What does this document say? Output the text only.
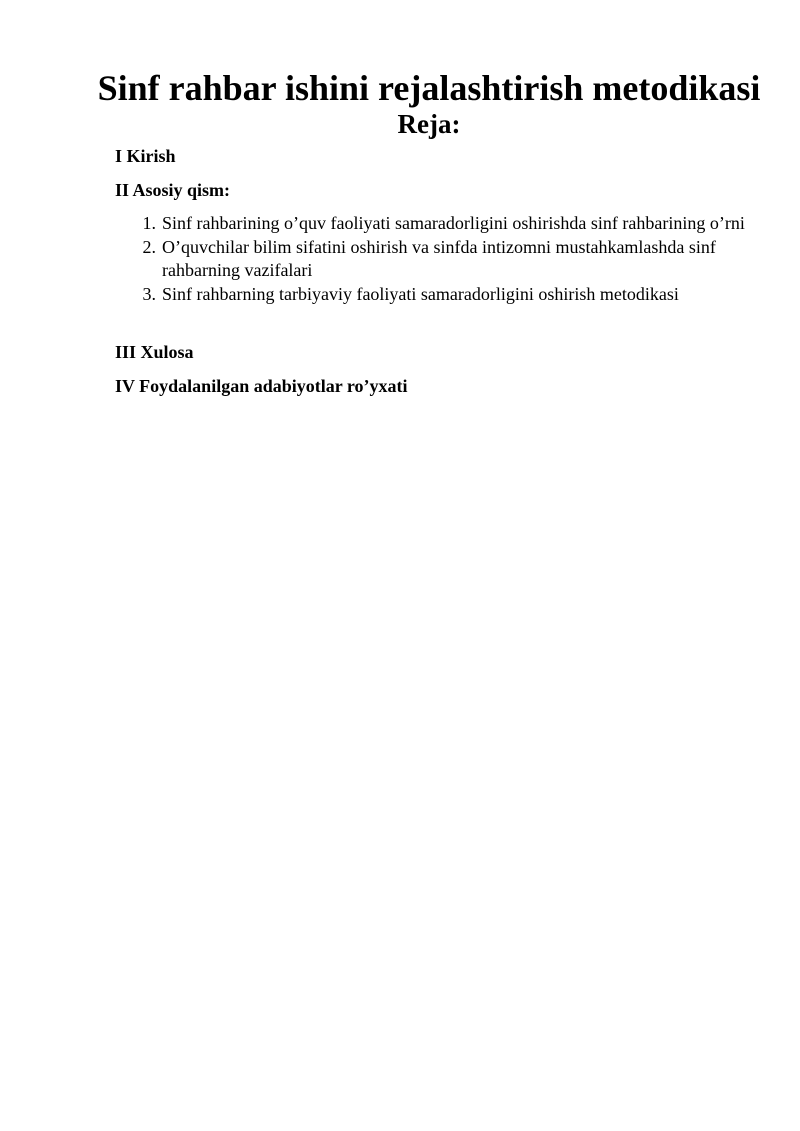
Sinf rahbar ishini rejalashtirish metodikasi
Reja:

I Kirish

II Asosiy qism:

1. Sinf rahbarining o’quv faoliyati samaradorligini oshirishda sinf rahbarining o’rni
2. O’quvchilar bilim sifatini oshirish va sinfda intizomni mustahkamlashda sinf rahbarning vazifalari
3. Sinf rahbarning tarbiyaviy faoliyati samaradorligini oshirish metodikasi

III Xulosa

IV Foydalanilgan adabiyotlar ro’yxati
